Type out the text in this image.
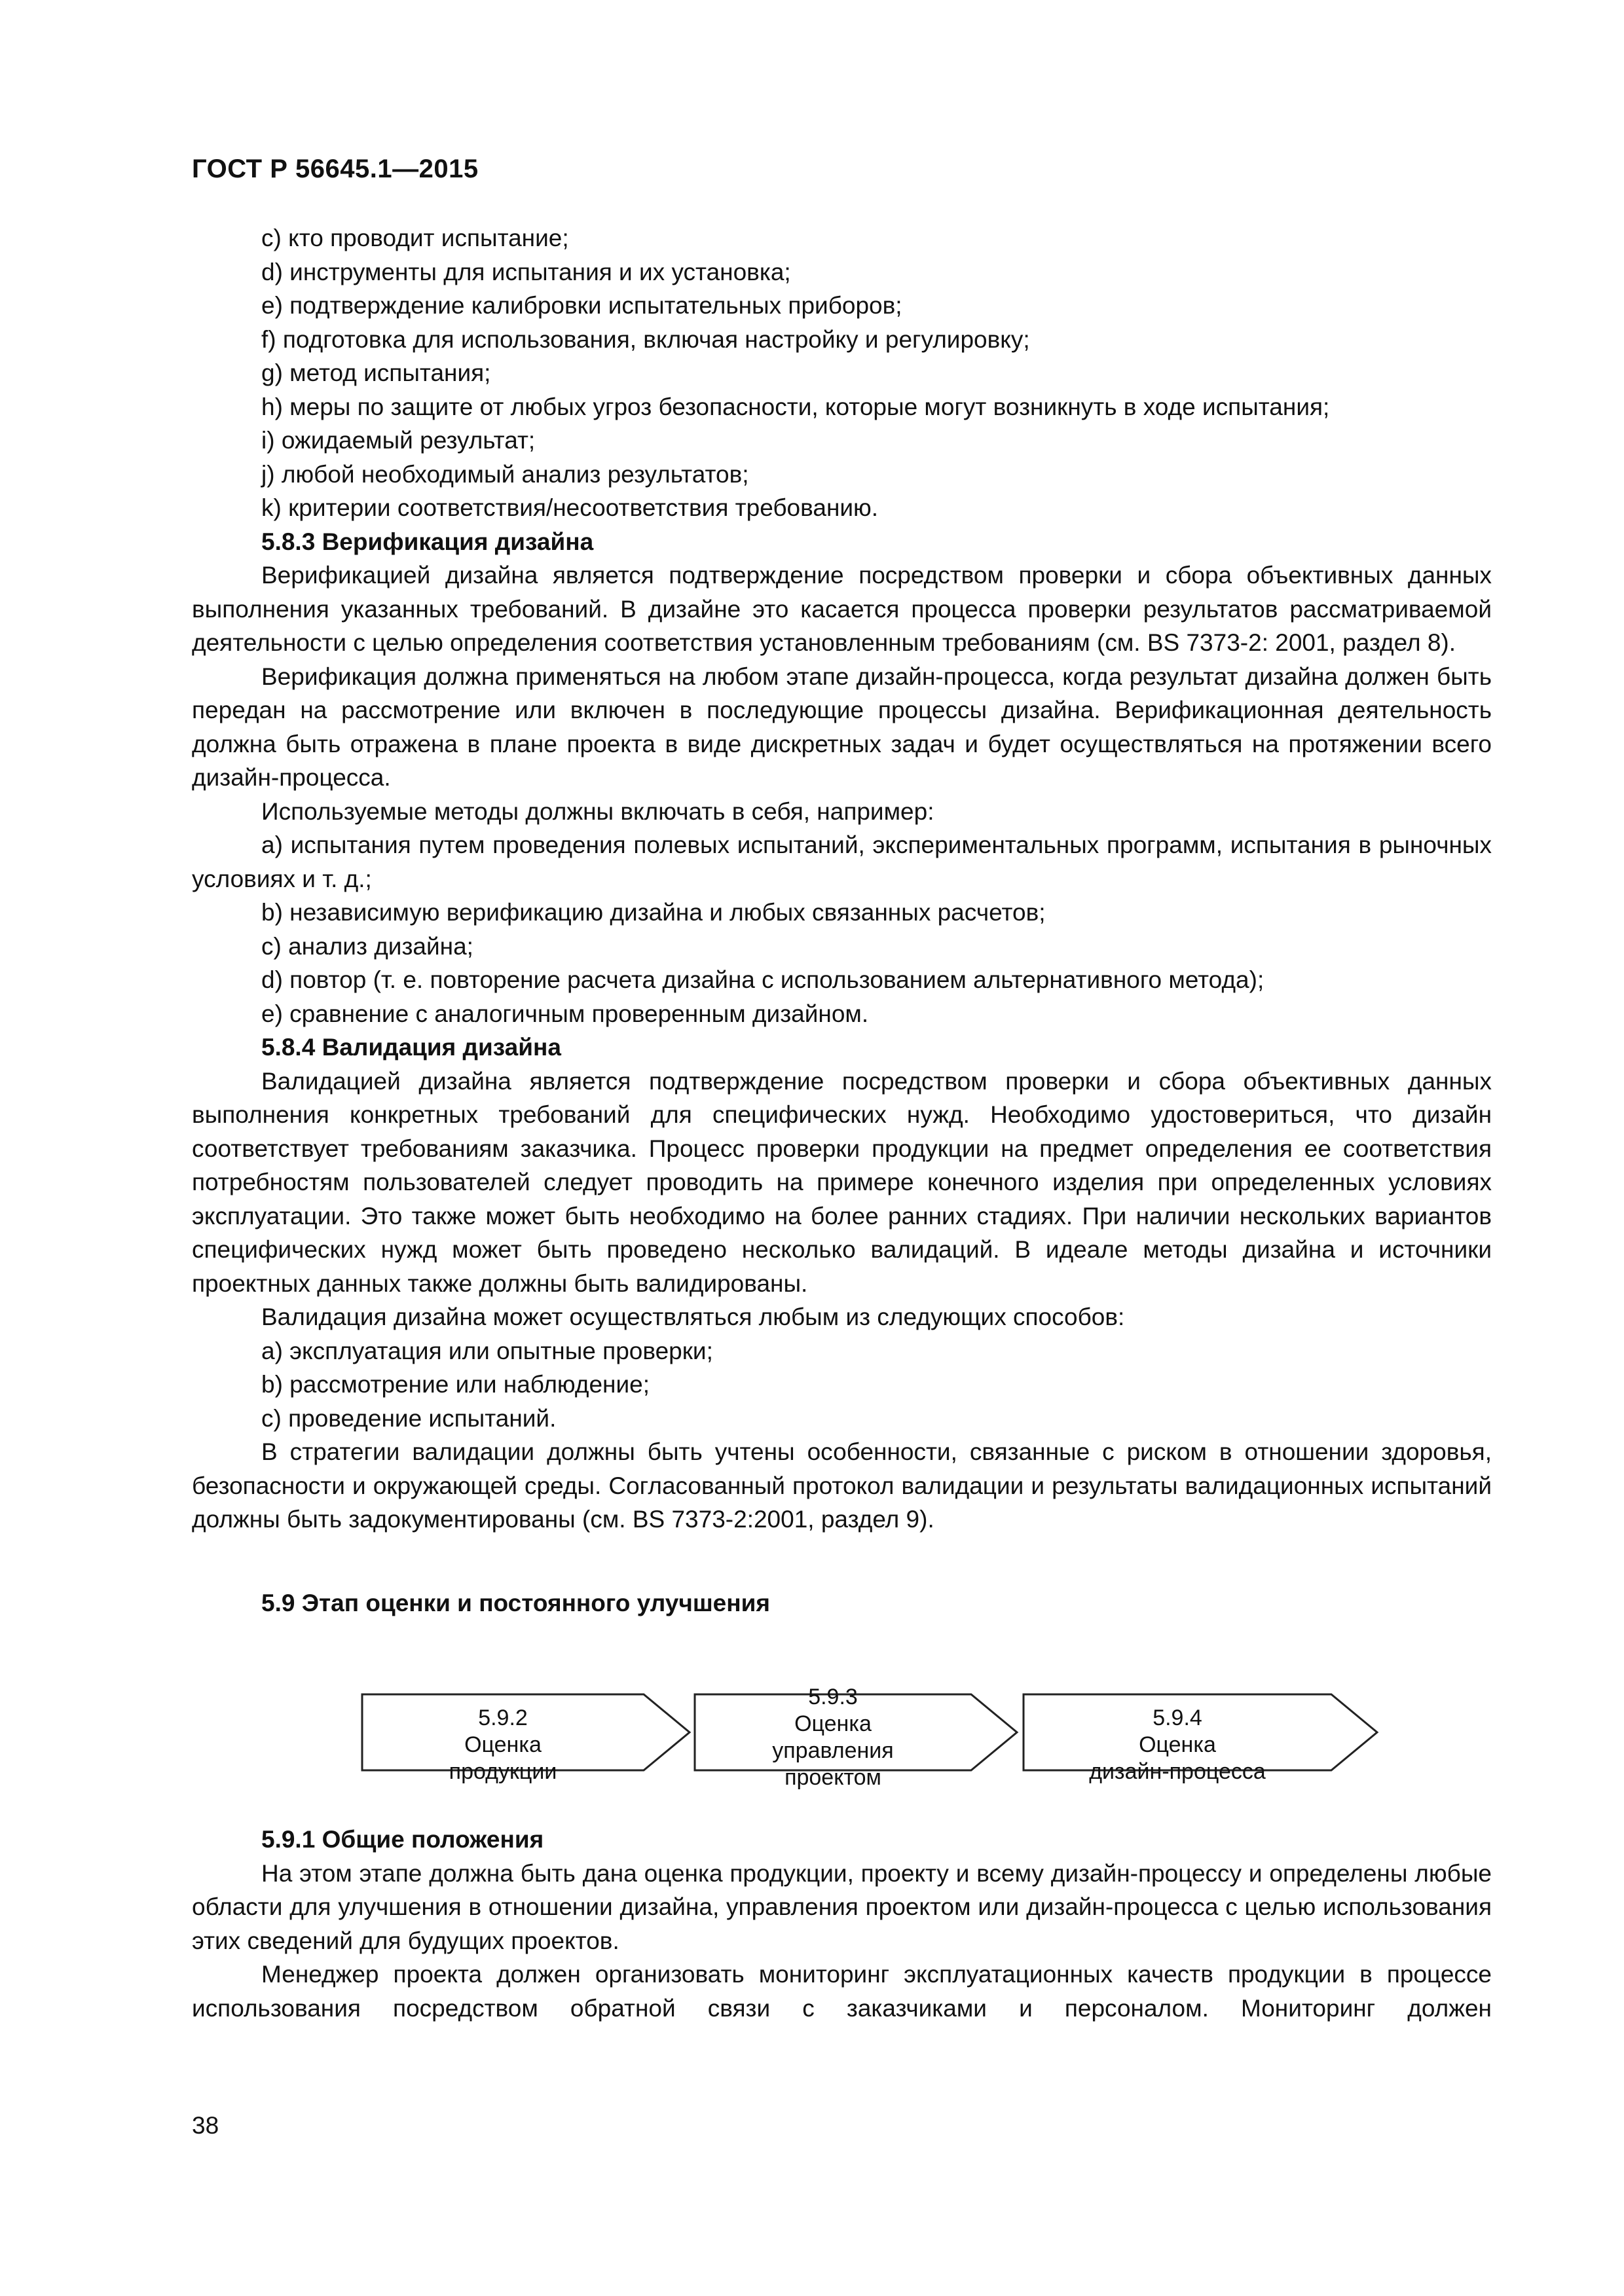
ГОСТ Р 56645.1—2015

c) кто проводит испытание;

d) инструменты для испытания и их установка;

e) подтверждение калибровки испытательных приборов;

f) подготовка для использования, включая настройку и регулировку;

g) метод испытания;

h) меры по защите от любых угроз безопасности, которые могут возникнуть в ходе испытания;

i) ожидаемый результат;

j) любой необходимый анализ результатов;

k) критерии соответствия/несоответствия требованию.

5.8.3 Верификация дизайна

Верификацией дизайна является подтверждение посредством проверки и сбора объективных данных выполнения указанных требований. В дизайне это касается процесса проверки результатов рассматриваемой деятельности с целью определения соответствия установленным требованиям (см. BS 7373-2: 2001, раздел 8).

Верификация должна применяться на любом этапе дизайн-процесса, когда результат дизайна должен быть передан на рассмотрение или включен в последующие процессы дизайна. Верификационная деятельность должна быть отражена в плане проекта в виде дискретных задач и будет осуществляться на протяжении всего дизайн-процесса.

Используемые методы должны включать в себя, например:

a) испытания путем проведения полевых испытаний, экспериментальных программ, испытания в рыночных условиях и т. д.;

b) независимую верификацию дизайна и любых связанных расчетов;

c) анализ дизайна;

d) повтор (т. е. повторение расчета дизайна с использованием альтернативного метода);

e) сравнение с аналогичным проверенным дизайном.

5.8.4 Валидация дизайна

Валидацией дизайна является подтверждение посредством проверки и сбора объективных данных выполнения конкретных требований для специфических нужд. Необходимо удостовериться, что дизайн соответствует требованиям заказчика. Процесс проверки продукции на предмет определения ее соответствия потребностям пользователей следует проводить на примере конечного изделия при определенных условиях эксплуатации. Это также может быть необходимо на более ранних стадиях. При наличии нескольких вариантов специфических нужд может быть проведено несколько валидаций. В идеале методы дизайна и источники проектных данных также должны быть валидированы.

Валидация дизайна может осуществляться любым из следующих способов:

a) эксплуатация или опытные проверки;

b) рассмотрение или наблюдение;

c) проведение испытаний.

В стратегии валидации должны быть учтены особенности, связанные с риском в отношении здоровья, безопасности и окружающей среды. Согласованный протокол валидации и результаты валидационных испытаний должны быть задокументированы (см. BS 7373-2:2001, раздел 9).

5.9 Этап оценки и постоянного улучшения

5.9.2
Оценка
продукции
5.9.3
Оценка
управления
проектом
5.9.4
Оценка
дизайн-процесса

5.9.1 Общие положения

На этом этапе должна быть дана оценка продукции, проекту и всему дизайн-процессу и определены любые области для улучшения в отношении дизайна, управления проектом или дизайн-процесса с целью использования этих сведений для будущих проектов.

Менеджер проекта должен организовать мониторинг эксплуатационных качеств продукции в процессе использования посредством обратной связи с заказчиками и персоналом. Мониторинг должен

38
